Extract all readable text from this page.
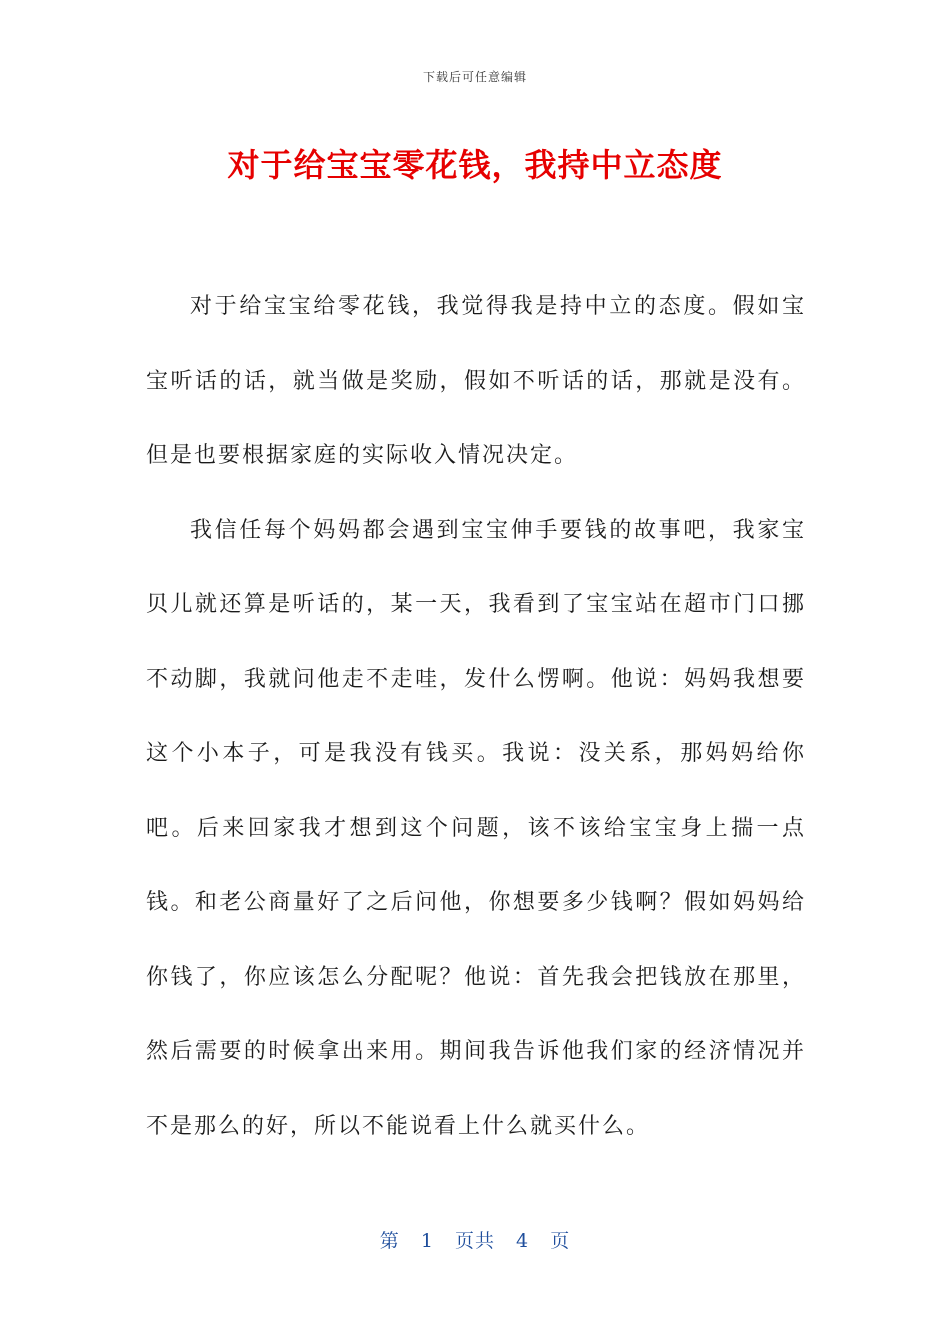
下载后可任意编辑
对于给宝宝零花钱，我持中立态度

对于给宝宝给零花钱，我觉得我是持中立的态度。假如宝宝听话的话，就当做是奖励，假如不听话的话，那就是没有。但是也要根据家庭的实际收入情况决定。

我信任每个妈妈都会遇到宝宝伸手要钱的故事吧，我家宝贝儿就还算是听话的，某一天，我看到了宝宝站在超市门口挪不动脚，我就问他走不走哇，发什么愣啊。他说：妈妈我想要这个小本子，可是我没有钱买。我说：没关系，那妈妈给你吧。后来回家我才想到这个问题，该不该给宝宝身上揣一点钱。和老公商量好了之后问他，你想要多少钱啊？假如妈妈给你钱了，你应该怎么分配呢？他说：首先我会把钱放在那里，然后需要的时候拿出来用。期间我告诉他我们家的经济情况并不是那么的好，所以不能说看上什么就买什么。

第 1 页共 4 页
